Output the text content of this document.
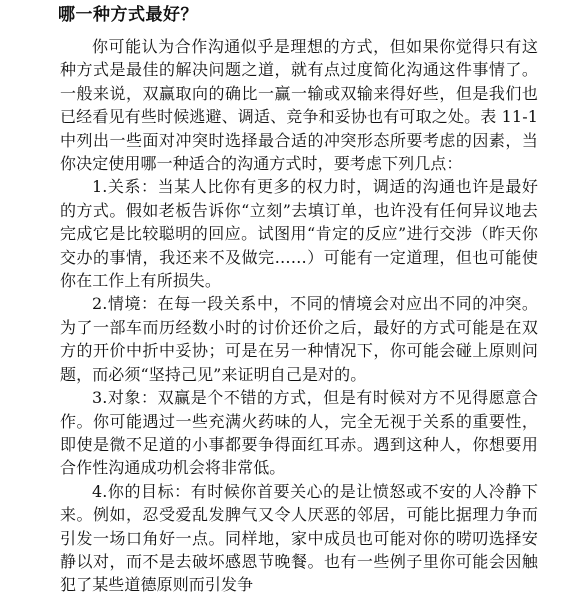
哪一种方式最好？

你可能认为合作沟通似乎是理想的方式，但如果你觉得只有这种方式是最佳的解决问题之道，就有点过度简化沟通这件事情了。一般来说，双赢取向的确比一赢一输或双输来得好些，但是我们也已经看见有些时候逃避、调适、竞争和妥协也有可取之处。表 11-1 中列出一些面对冲突时选择最合适的冲突形态所要考虑的因素，当你决定使用哪一种适合的沟通方式时，要考虑下列几点：

1.关系：当某人比你有更多的权力时，调适的沟通也许是最好的方式。假如老板告诉你“立刻”去填订单，也许没有任何异议地去完成它是比较聪明的回应。试图用“肯定的反应”进行交涉（昨天你交办的事情，我还来不及做完……）可能有一定道理，但也可能使你在工作上有所损失。

2.情境：在每一段关系中，不同的情境会对应出不同的冲突。为了一部车而历经数小时的讨价还价之后，最好的方式可能是在双方的开价中折中妥协；可是在另一种情况下，你可能会碰上原则问题，而必须“坚持己见”来证明自己是对的。

3.对象：双赢是个不错的方式，但是有时候对方不见得愿意合作。你可能遇过一些充满火药味的人，完全无视于关系的重要性，即使是微不足道的小事都要争得面红耳赤。遇到这种人，你想要用合作性沟通成功机会将非常低。

4.你的目标：有时候你首要关心的是让愤怒或不安的人冷静下来。例如，忍受爱乱发脾气又令人厌恶的邻居，可能比据理力争而引发一场口角好一点。同样地，家中成员也可能对你的唠叨选择安静以对，而不是去破坏感恩节晚餐。也有一些例子里你可能会因触犯了某些道德原则而引发争
